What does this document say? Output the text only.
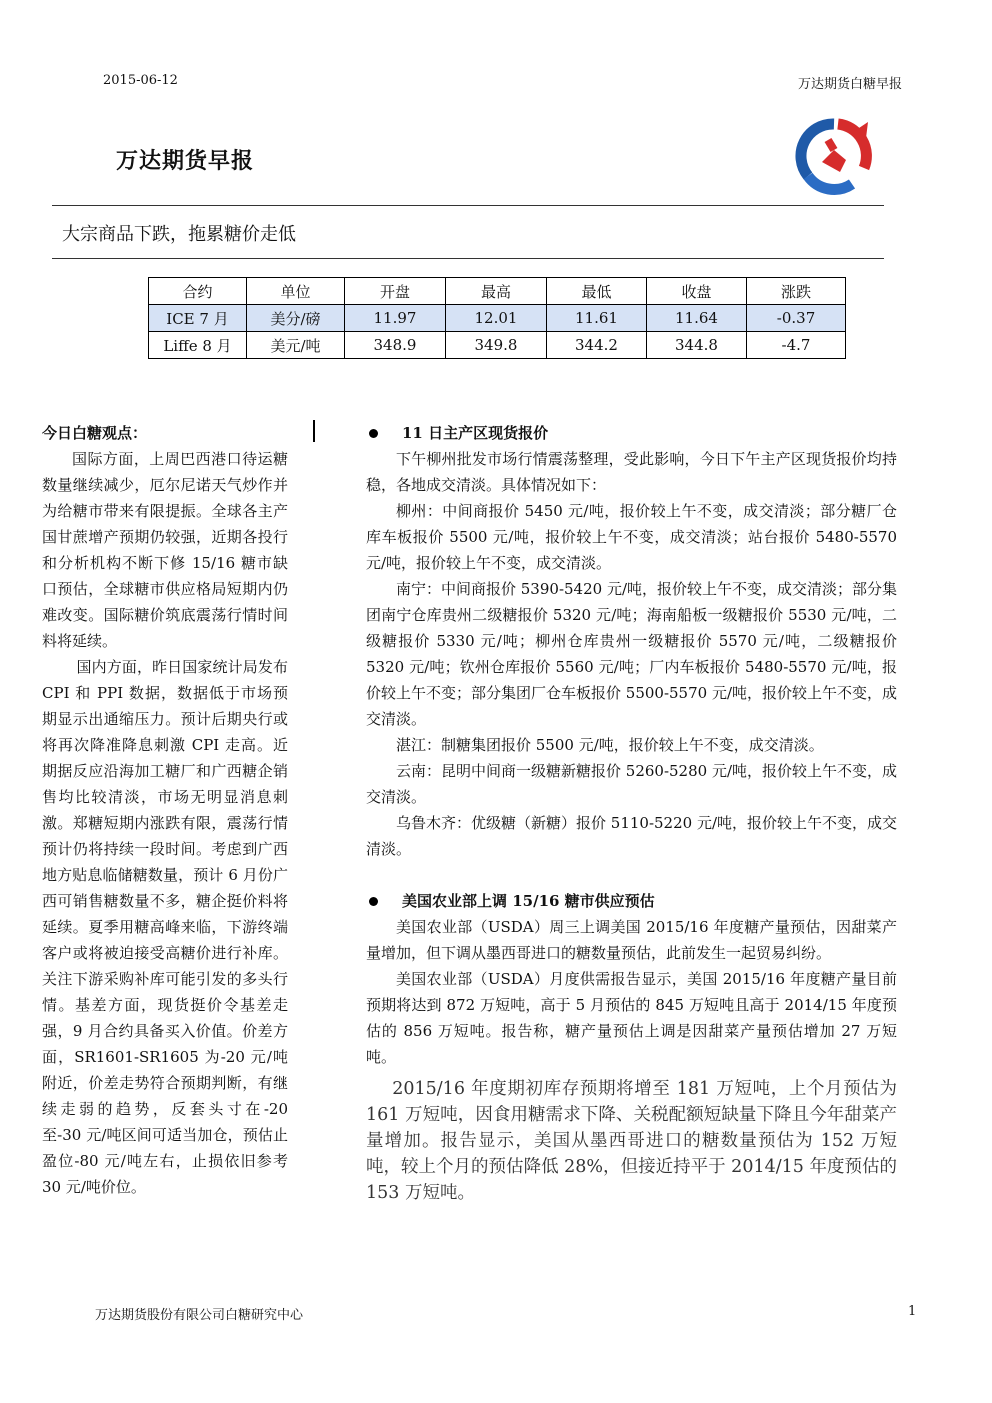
2015-06-12	万达期货白糖早报
万达期货早报
大宗商品下跌，拖累糖价走低
合约	单位	开盘	最高	最低	收盘	涨跌
ICE 7 月	美分/磅	11.97	12.01	11.61	11.64	-0.37
Liffe 8 月	美元/吨	348.9	349.8	344.2	344.8	-4.7
今日白糖观点：

国际方面，上周巴西港口待运糖数量继续减少，厄尔尼诺天气炒作并为给糖市带来有限提振。全球各主产国甘蔗增产预期仍较强，近期各投行和分析机构不断下修 15/16 糖市缺口预估，全球糖市供应格局短期内仍难改变。国际糖价筑底震荡行情时间料将延续。

国内方面，昨日国家统计局发布 CPI 和 PPI 数据，数据低于市场预期显示出通缩压力。预计后期央行或将再次降准降息刺激 CPI 走高。近期据反应沿海加工糖厂和广西糖企销售均比较清淡，市场无明显消息刺激。郑糖短期内涨跌有限，震荡行情预计仍将持续一段时间。考虑到广西地方贴息临储糖数量，预计 6 月份广西可销售糖数量不多，糖企挺价料将延续。夏季用糖高峰来临，下游终端客户或将被迫接受高糖价进行补库。关注下游采购补库可能引发的多头行情。基差方面，现货挺价令基差走强，9 月合约具备买入价值。价差方面，SR1601-SR1605 为-20 元/吨附近，价差走势符合预期判断，有继续走弱的趋势，反套头寸在-20 至-30 元/吨区间可适当加仓，预估止盈位-80 元/吨左右，止损依旧参考 30 元/吨价位。

11 日主产区现货报价

下午柳州批发市场行情震荡整理，受此影响，今日下午主产区现货报价均持稳，各地成交清淡。具体情况如下：

柳州：中间商报价 5450 元/吨，报价较上午不变，成交清淡；部分糖厂仓库车板报价 5500 元/吨，报价较上午不变，成交清淡；站台报价 5480-5570 元/吨，报价较上午不变，成交清淡。

南宁：中间商报价 5390-5420 元/吨，报价较上午不变，成交清淡；部分集团南宁仓库贵州二级糖报价 5320 元/吨；海南船板一级糖报价 5530 元/吨，二级糖报价 5330 元/吨；柳州仓库贵州一级糖报价 5570 元/吨，二级糖报价 5320 元/吨；钦州仓库报价 5560 元/吨；厂内车板报价 5480-5570 元/吨，报价较上午不变；部分集团厂仓车板报价 5500-5570 元/吨，报价较上午不变，成交清淡。

湛江：制糖集团报价 5500 元/吨，报价较上午不变，成交清淡。

云南：昆明中间商一级糖新糖报价 5260-5280 元/吨，报价较上午不变，成交清淡。

乌鲁木齐：优级糖（新糖）报价 5110-5220 元/吨，报价较上午不变，成交清淡。

美国农业部上调 15/16 糖市供应预估

美国农业部（USDA）周三上调美国 2015/16 年度糖产量预估，因甜菜产量增加，但下调从墨西哥进口的糖数量预估，此前发生一起贸易纠纷。

美国农业部（USDA）月度供需报告显示，美国 2015/16 年度糖产量目前预期将达到 872 万短吨，高于 5 月预估的 845 万短吨且高于 2014/15 年度预估的 856 万短吨。报告称，糖产量预估上调是因甜菜产量预估增加 27 万短吨。

2015/16 年度期初库存预期将增至 181 万短吨，上个月预估为 161 万短吨，因食用糖需求下降、关税配额短缺量下降且今年甜菜产量增加。报告显示，美国从墨西哥进口的糖数量预估为 152 万短吨，较上个月的预估降低 28%，但接近持平于 2014/15 年度预估的 153 万短吨。

万达期货股份有限公司白糖研究中心	1
